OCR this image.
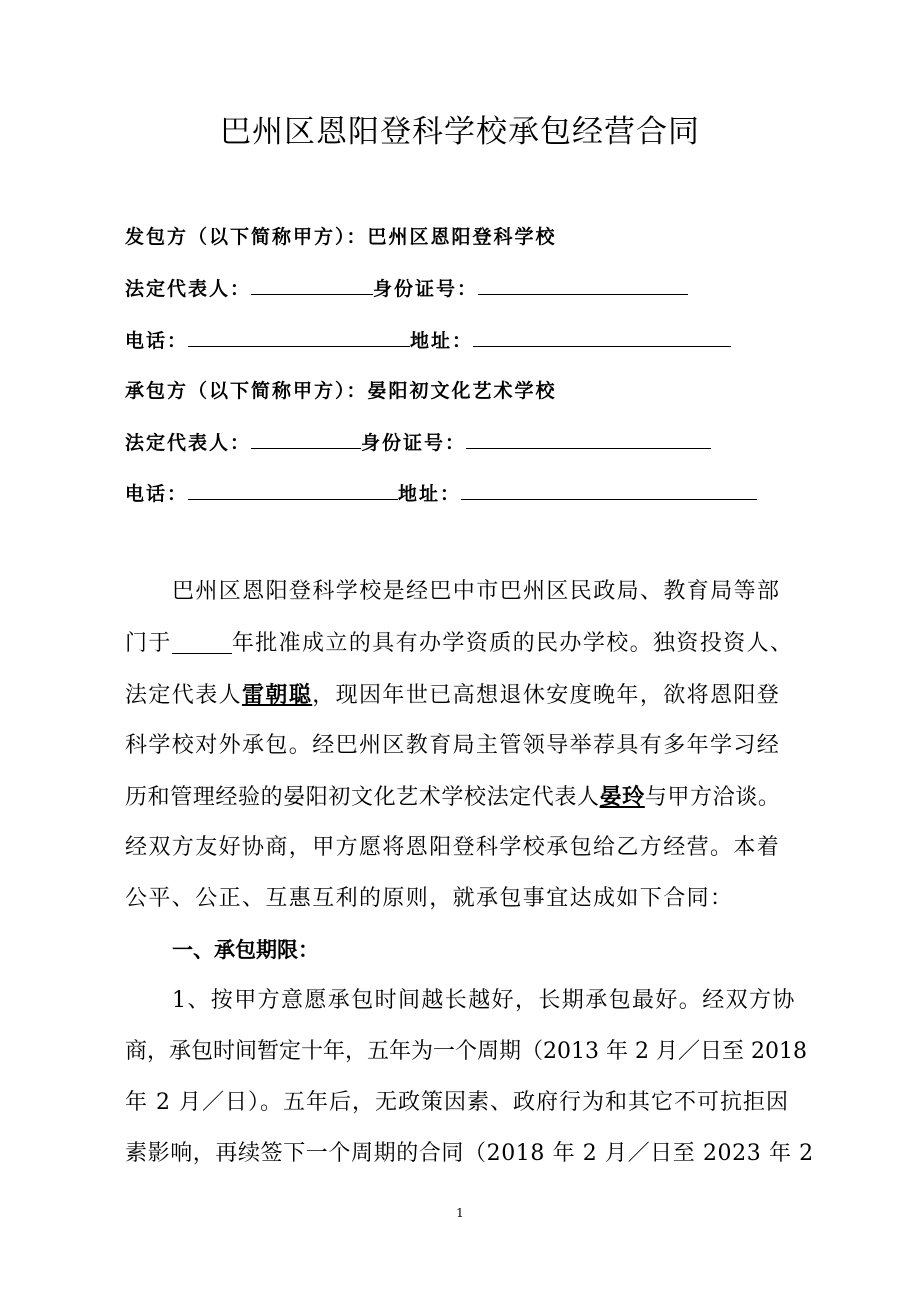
巴州区恩阳登科学校承包经营合同
发包方（以下简称甲方）：巴州区恩阳登科学校
法定代表人：	身份证号：
电话：	地址：
承包方（以下简称甲方）：晏阳初文化艺术学校
法定代表人：	身份证号：
电话：	地址：
巴州区恩阳登科学校是经巴中市巴州区民政局、教育局等部
门于	年批准成立的具有办学资质的民办学校。独资投资人、
法定代表人雷朝聪，现因年世已高想退休安度晚年，欲将恩阳登
科学校对外承包。经巴州区教育局主管领导举荐具有多年学习经
历和管理经验的晏阳初文化艺术学校法定代表人晏玲与甲方洽谈。
经双方友好协商，甲方愿将恩阳登科学校承包给乙方经营。本着
公平、公正、互惠互利的原则，就承包事宜达成如下合同：
一、承包期限：
1、按甲方意愿承包时间越长越好，长期承包最好。经双方协
商，承包时间暂定十年，五年为一个周期（2013 年 2 月／日至 2018
年 2 月／日）。五年后，无政策因素、政府行为和其它不可抗拒因
素影响，再续签下一个周期的合同（2018 年 2 月／日至 2023 年 2
1
